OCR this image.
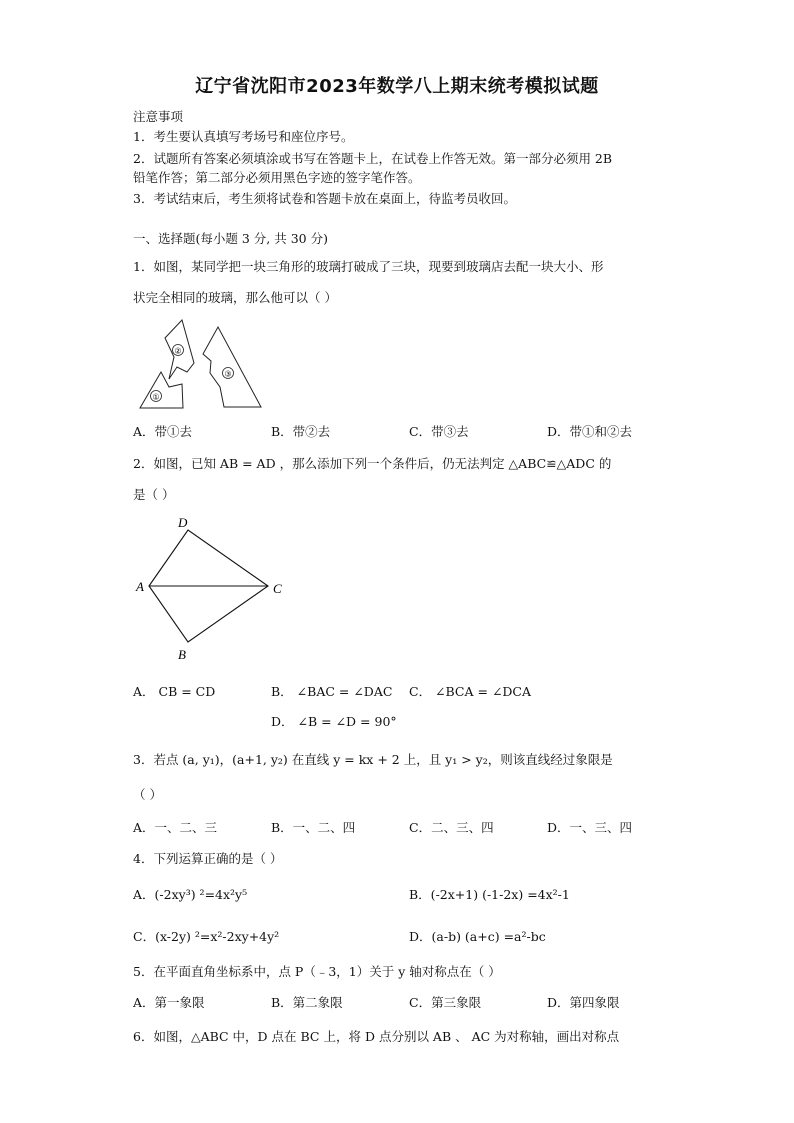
辽宁省沈阳市2023年数学八上期末统考模拟试题
注意事项
1．考生要认真填写考场号和座位序号。
2．试题所有答案必须填涂或书写在答题卡上，在试卷上作答无效。第一部分必须用 2B
铅笔作答；第二部分必须用黑色字迹的签字笔作答。
3．考试结束后，考生须将试卷和答题卡放在桌面上，待监考员收回。
一、选择题(每小题 3 分, 共 30 分)
1．如图，某同学把一块三角形的玻璃打破成了三块，现要到玻璃店去配一块大小、形
状完全相同的玻璃，那么他可以（ ）
①
②
③
A．带①去	B．带②去	C．带③去	D．带①和②去
2．如图，已知 AB = AD ，那么添加下列一个条件后，仍无法判定 △ABC≌△ADC 的
是（ ）
D
A	C
B
A． CB = CD	B． ∠BAC = ∠DAC C． ∠BCA = ∠DCA
D． ∠B = ∠D = 90°
3．若点 (a, y₁)，(a+1, y₂) 在直线 y = kx + 2 上，且 y₁ > y₂，则该直线经过象限是
（ ）
A．一、二、三	B．一、二、四	C．二、三、四	D．一、三、四
4．下列运算正确的是（ ）
A．(-2xy³) ²=4x²y⁵	B．(-2x+1) (-1-2x) =4x²-1
C．(x-2y) ²=x²-2xy+4y²	D．(a-b) (a+c) =a²-bc
5．在平面直角坐标系中，点 P（﹣3，1）关于 y 轴对称点在（ ）
A．第一象限	B．第二象限	C．第三象限	D．第四象限
6．如图，△ABC 中，D 点在 BC 上，将 D 点分别以 AB 、 AC 为对称轴，画出对称点
